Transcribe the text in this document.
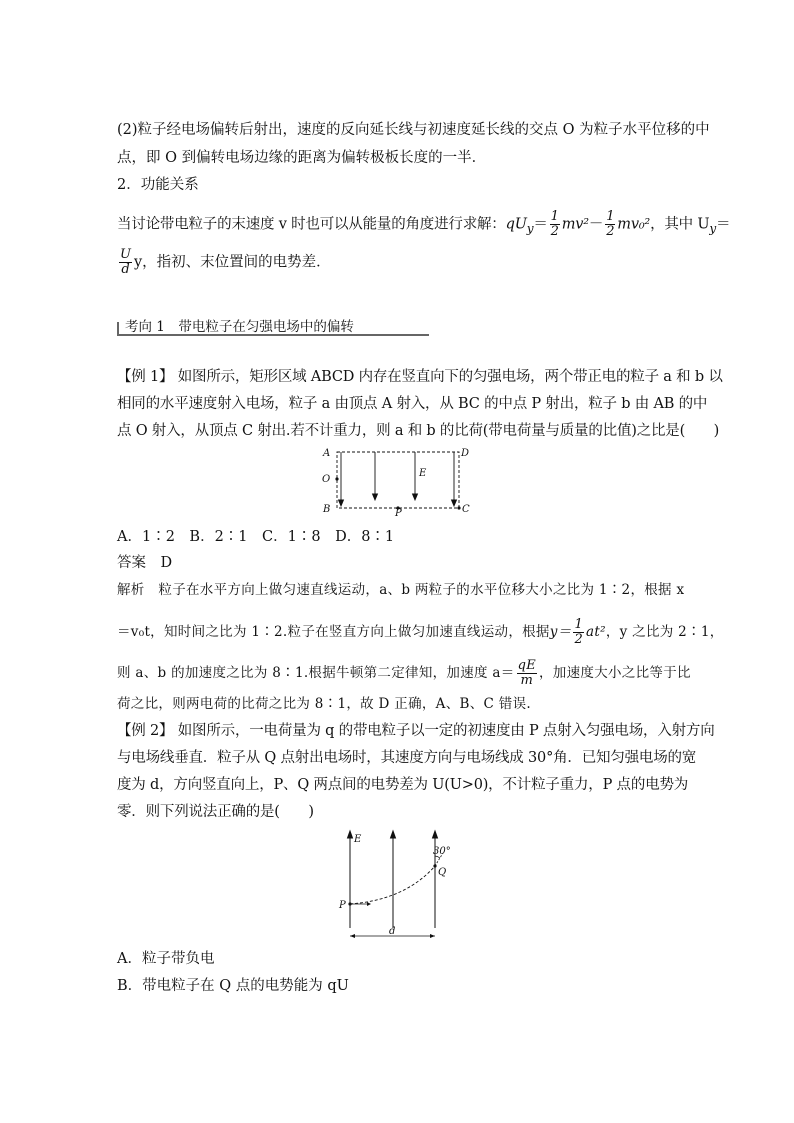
(2)粒子经电场偏转后射出，速度的反向延长线与初速度延长线的交点 O 为粒子水平位移的中
点，即 O 到偏转电场边缘的距离为偏转极板长度的一半．
2．功能关系
当讨论带电粒子的末速度 v 时也可以从能量的角度进行求解：$qU_y= \frac{1}{2} mv^2- \frac{1}{2} mv_0^2$，其中 $U_y=$
$\frac{U}{d}$ y，指初、末位置间的电势差．
考向 1　带电粒子在匀强电场中的偏转
【例 1】 如图所示，矩形区域 ABCD 内存在竖直向下的匀强电场，两个带正电的粒子 a 和 b 以
相同的水平速度射入电场，粒子 a 由顶点 A 射入，从 BC 的中点 P 射出，粒子 b 由 AB 的中
点 O 射入，从顶点 C 射出.若不计重力，则 a 和 b 的比荷(带电荷量与质量的比值)之比是(　　)
A	D
O
E
B	P	C
A．1∶2　B．2∶1　C．1∶8　D．8∶1
答案　D
解析　粒子在水平方向上做匀速直线运动，a、b 两粒子的水平位移大小之比为 1∶2，根据 x
＝v₀t，知时间之比为 1∶2.粒子在竖直方向上做匀加速直线运动，根据$y= \frac{1}{2} at^2$，y 之比为 2∶1，
则 a、b 的加速度之比为 8∶1.根据牛顿第二定律知，加速度 $a= \frac{qE}{m}$ ，加速度大小之比等于比
荷之比，则两电荷的比荷之比为 8∶1，故 D 正确，A、B、C 错误.
【例 2】 如图所示，一电荷量为 q 的带电粒子以一定的初速度由 P 点射入匀强电场，入射方向
与电场线垂直．粒子从 Q 点射出电场时，其速度方向与电场线成 30°角．已知匀强电场的宽
度为 d，方向竖直向上，P、Q 两点间的电势差为 U(U>0)，不计粒子重力，P 点的电势为
零．则下列说法正确的是(　　)
E
30°
Q
P
d
A．粒子带负电
B．带电粒子在 Q 点的电势能为 qU
